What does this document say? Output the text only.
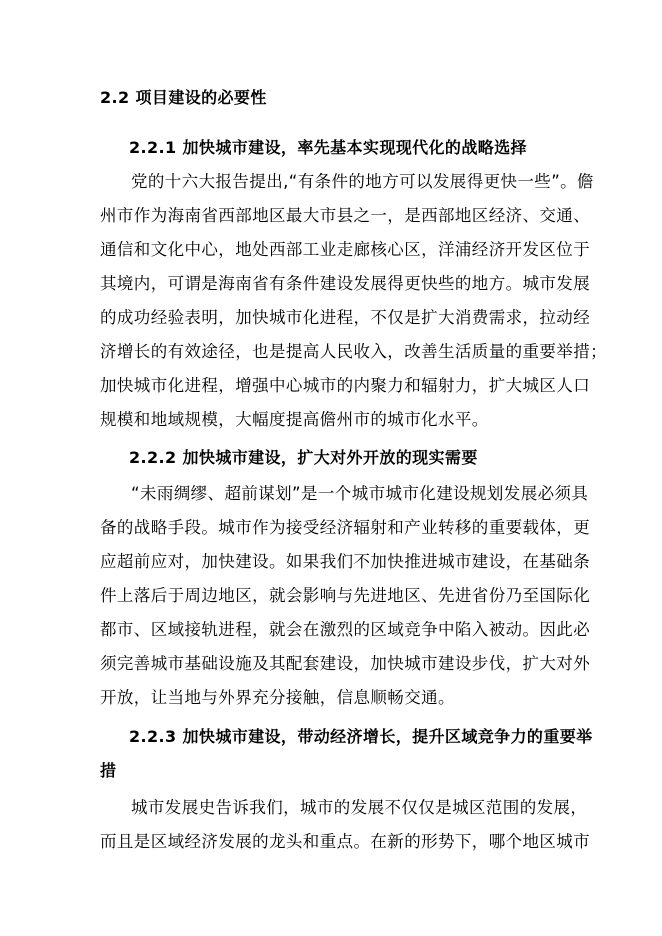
2.2 项目建设的必要性
2.2.1 加快城市建设，率先基本实现现代化的战略选择
党的十六大报告提出,“有条件的地方可以发展得更快一些”。儋
州市作为海南省西部地区最大市县之一，是西部地区经济、交通、
通信和文化中心，地处西部工业走廊核心区，洋浦经济开发区位于
其境内，可谓是海南省有条件建设发展得更快些的地方。城市发展
的成功经验表明，加快城市化进程，不仅是扩大消费需求，拉动经
济增长的有效途径，也是提高人民收入，改善生活质量的重要举措；
加快城市化进程，增强中心城市的内聚力和辐射力，扩大城区人口
规模和地域规模，大幅度提高儋州市的城市化水平。
2.2.2 加快城市建设，扩大对外开放的现实需要
“未雨绸缪、超前谋划”是一个城市城市化建设规划发展必须具
备的战略手段。城市作为接受经济辐射和产业转移的重要载体，更
应超前应对，加快建设。如果我们不加快推进城市建设，在基础条
件上落后于周边地区，就会影响与先进地区、先进省份乃至国际化
都市、区域接轨进程，就会在激烈的区域竞争中陷入被动。因此必
须完善城市基础设施及其配套建设，加快城市建设步伐，扩大对外
开放，让当地与外界充分接触，信息顺畅交通。
2.2.3 加快城市建设，带动经济增长，提升区域竞争力的重要举
措
城市发展史告诉我们，城市的发展不仅仅是城区范围的发展，
而且是区域经济发展的龙头和重点。在新的形势下，哪个地区城市
